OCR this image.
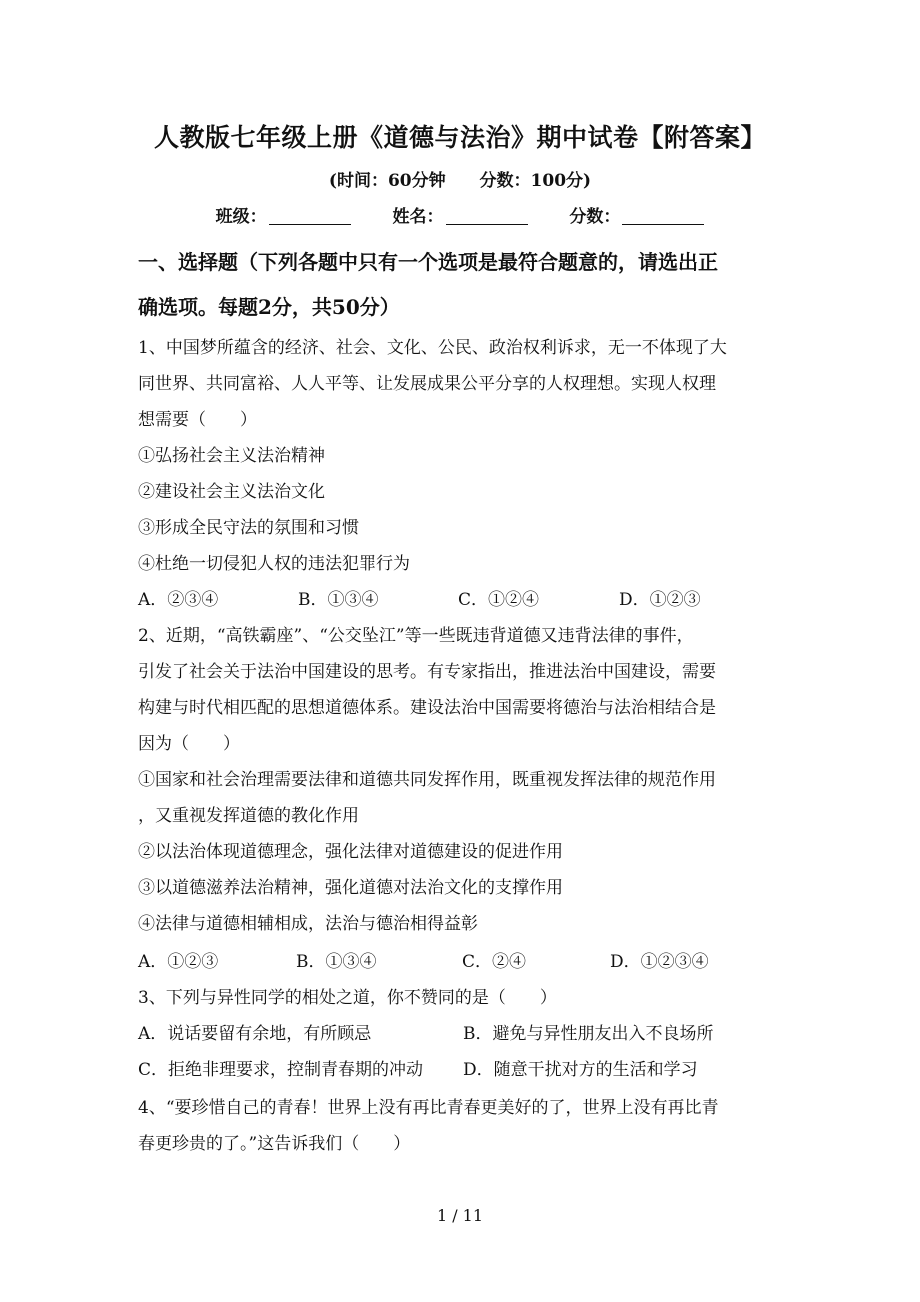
人教版七年级上册《道德与法治》期中试卷【附答案】
(时间：60分钟 分数：100分)
班级：	姓名：	分数：
一、选择题（下列各题中只有一个选项是最符合题意的，请选出正
确选项。每题2分，共50分）
1、中国梦所蕴含的经济、社会、文化、公民、政治权利诉求，无一不体现了大
同世界、共同富裕、人人平等、让发展成果公平分享的人权理想。实现人权理
想需要（　　）
①弘扬社会主义法治精神
②建设社会主义法治文化
③形成全民守法的氛围和习惯
④杜绝一切侵犯人权的违法犯罪行为
A．②③④	B．①③④	C．①②④	D．①②③
2、近期，“高铁霸座”、“公交坠江”等一些既违背道德又违背法律的事件，
引发了社会关于法治中国建设的思考。有专家指出，推进法治中国建设，需要
构建与时代相匹配的思想道德体系。建设法治中国需要将德治与法治相结合是
因为（　　）
①国家和社会治理需要法律和道德共同发挥作用，既重视发挥法律的规范作用
，又重视发挥道德的教化作用
②以法治体现道德理念，强化法律对道德建设的促进作用
③以道德滋养法治精神，强化道德对法治文化的支撑作用
④法律与道德相辅相成，法治与德治相得益彰
A．①②③	B．①③④	C．②④	D．①②③④
3、下列与异性同学的相处之道，你不赞同的是（　　）
A．说话要留有余地，有所顾忌	B．避免与异性朋友出入不良场所
C．拒绝非理要求，控制青春期的冲动 D．随意干扰对方的生活和学习
4、“要珍惜自己的青春！世界上没有再比青春更美好的了，世界上没有再比青
春更珍贵的了。”这告诉我们（　　）
1 / 11
